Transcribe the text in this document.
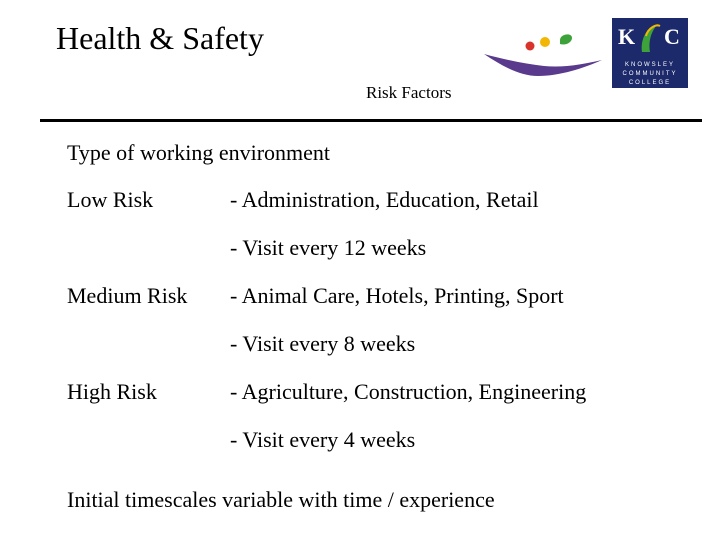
Health & Safety	K C
KNOWSLEY
COMMUNITY
COLLEGE
Risk Factors
Type of working environment
Low Risk	- Administration, Education, Retail
- Visit every 12 weeks
Medium Risk - Animal Care, Hotels, Printing, Sport
- Visit every 8 weeks
High Risk	- Agriculture, Construction, Engineering
- Visit every 4 weeks
Initial timescales variable with time / experience
